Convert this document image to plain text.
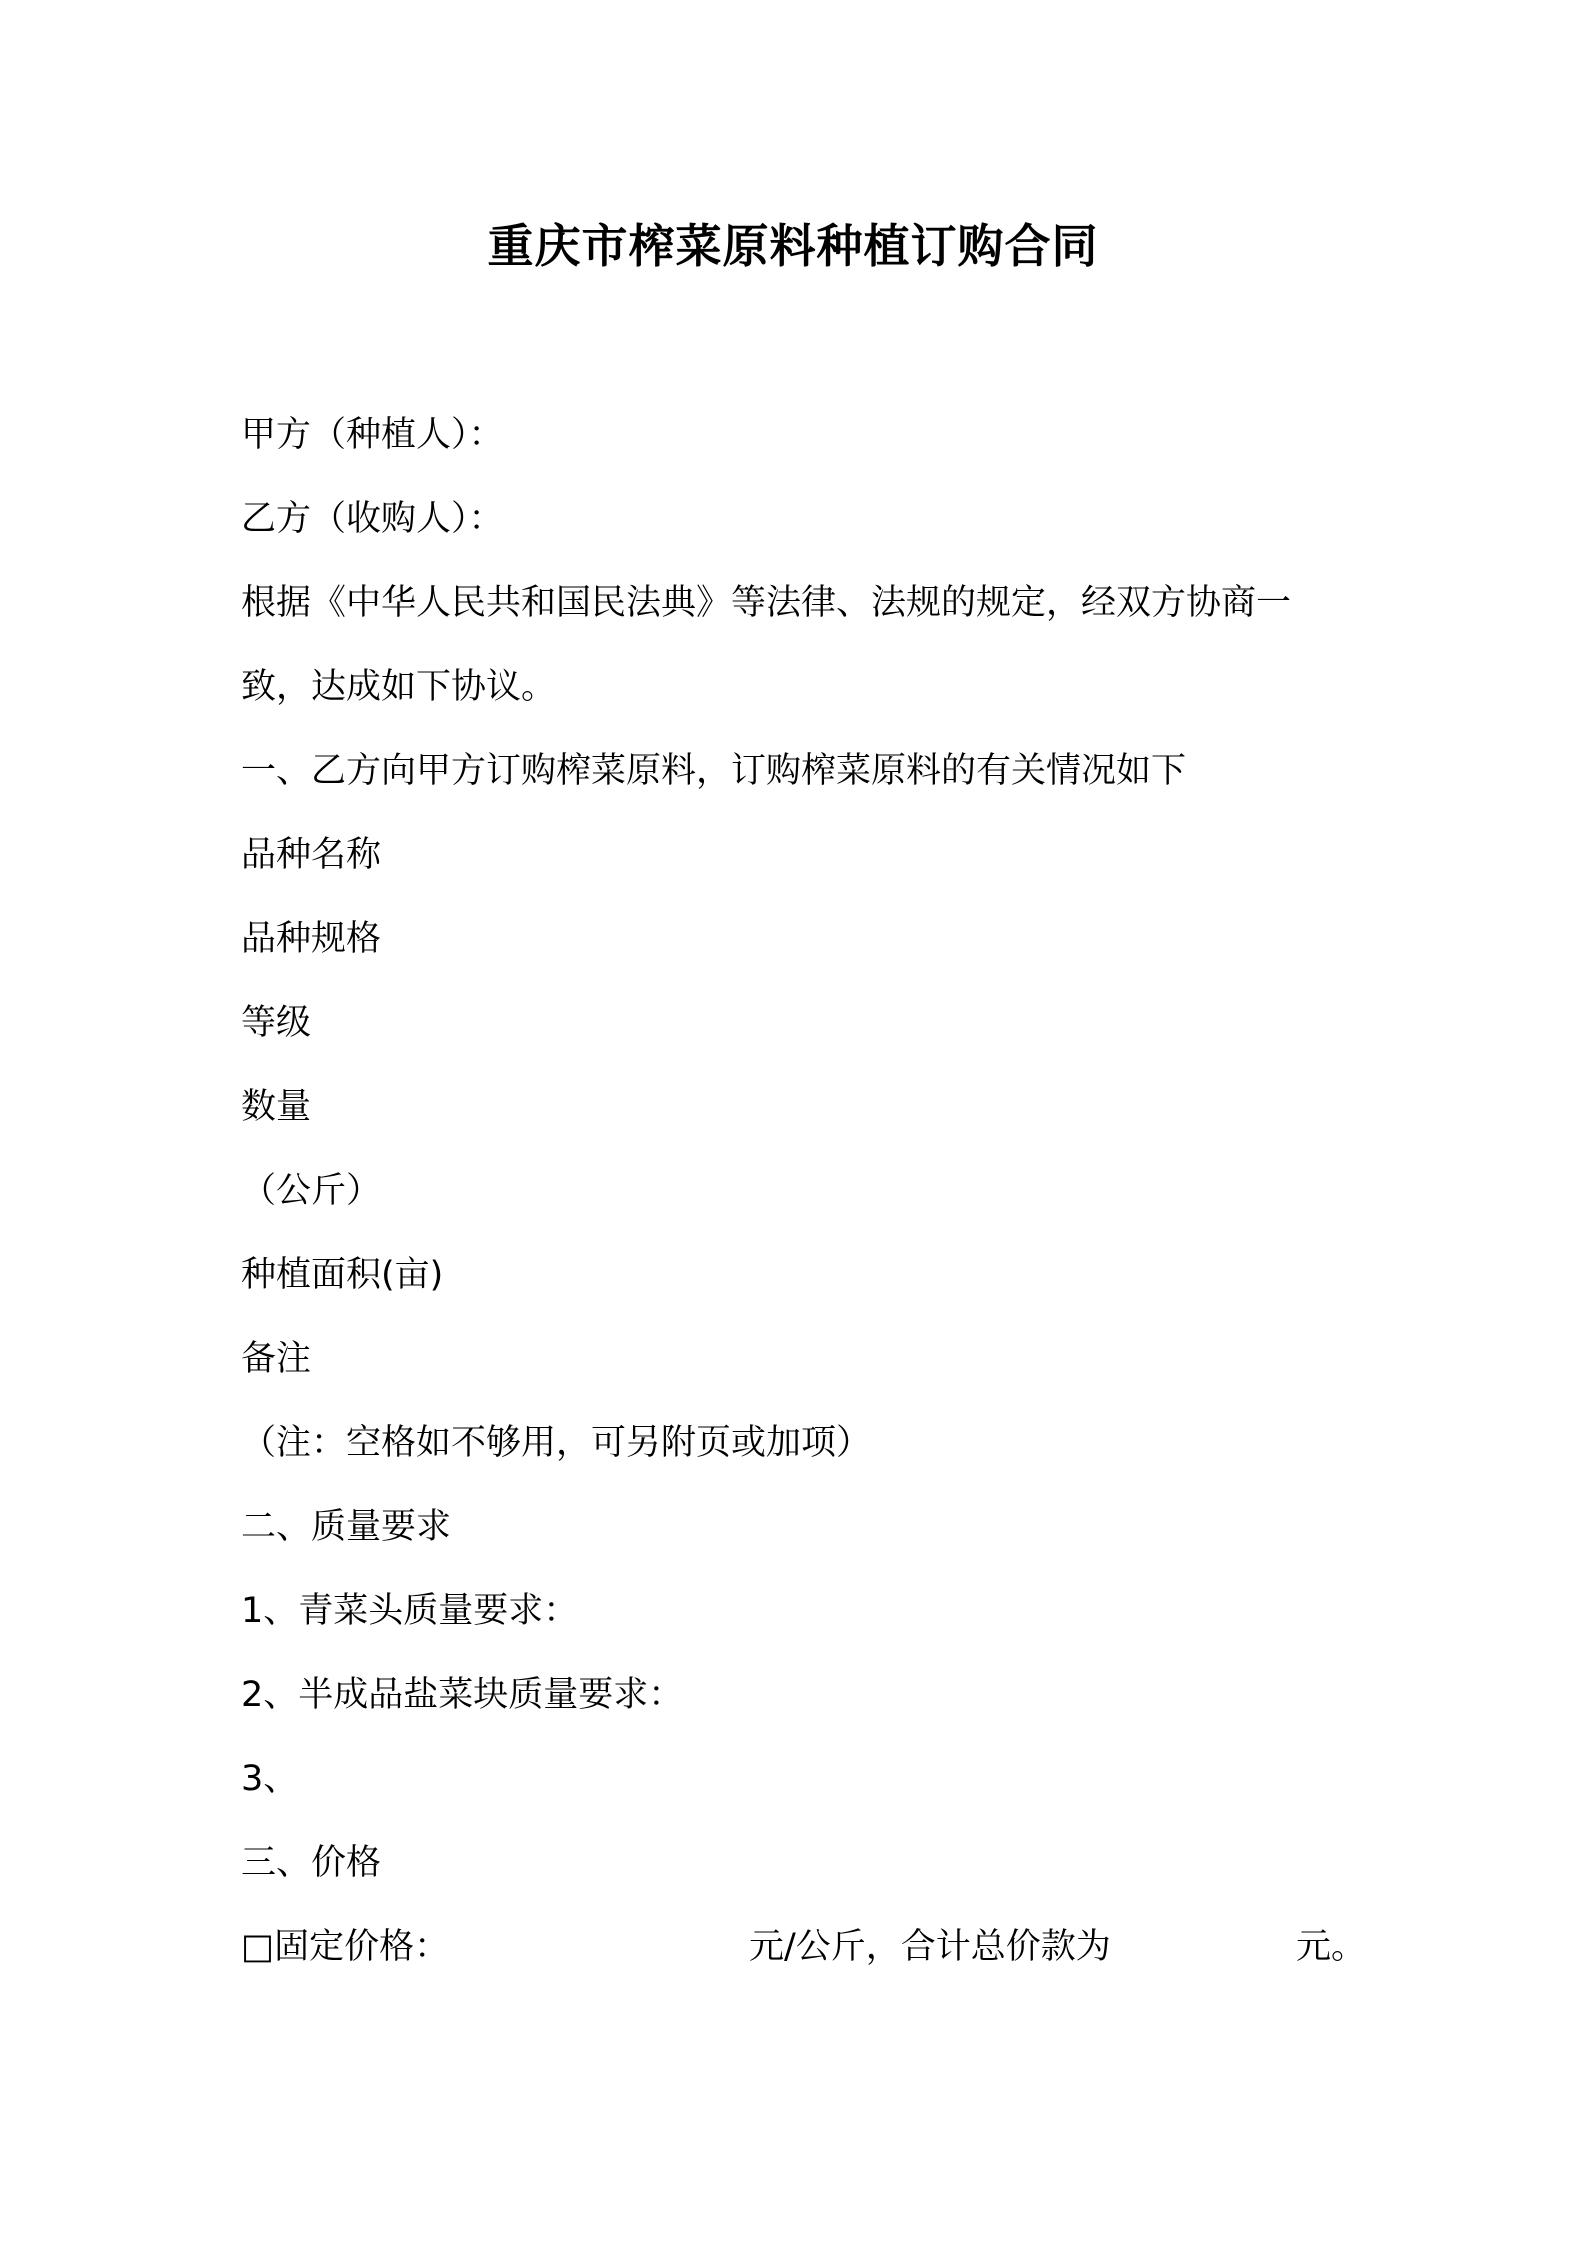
重庆市榨菜原料种植订购合同
甲方（种植人）：
乙方（收购人）：
根据《中华人民共和国民法典》等法律、法规的规定，经双方协商一
致，达成如下协议。
一、乙方向甲方订购榨菜原料，订购榨菜原料的有关情况如下
品种名称
品种规格
等级
数量
（公斤）
种植面积(亩)
备注
（注：空格如不够用，可另附页或加项）
二、质量要求
1、青菜头质量要求：
2、半成品盐菜块质量要求：
3、
三、价格
□固定价格：	元/公斤，合计总价款为	元。
